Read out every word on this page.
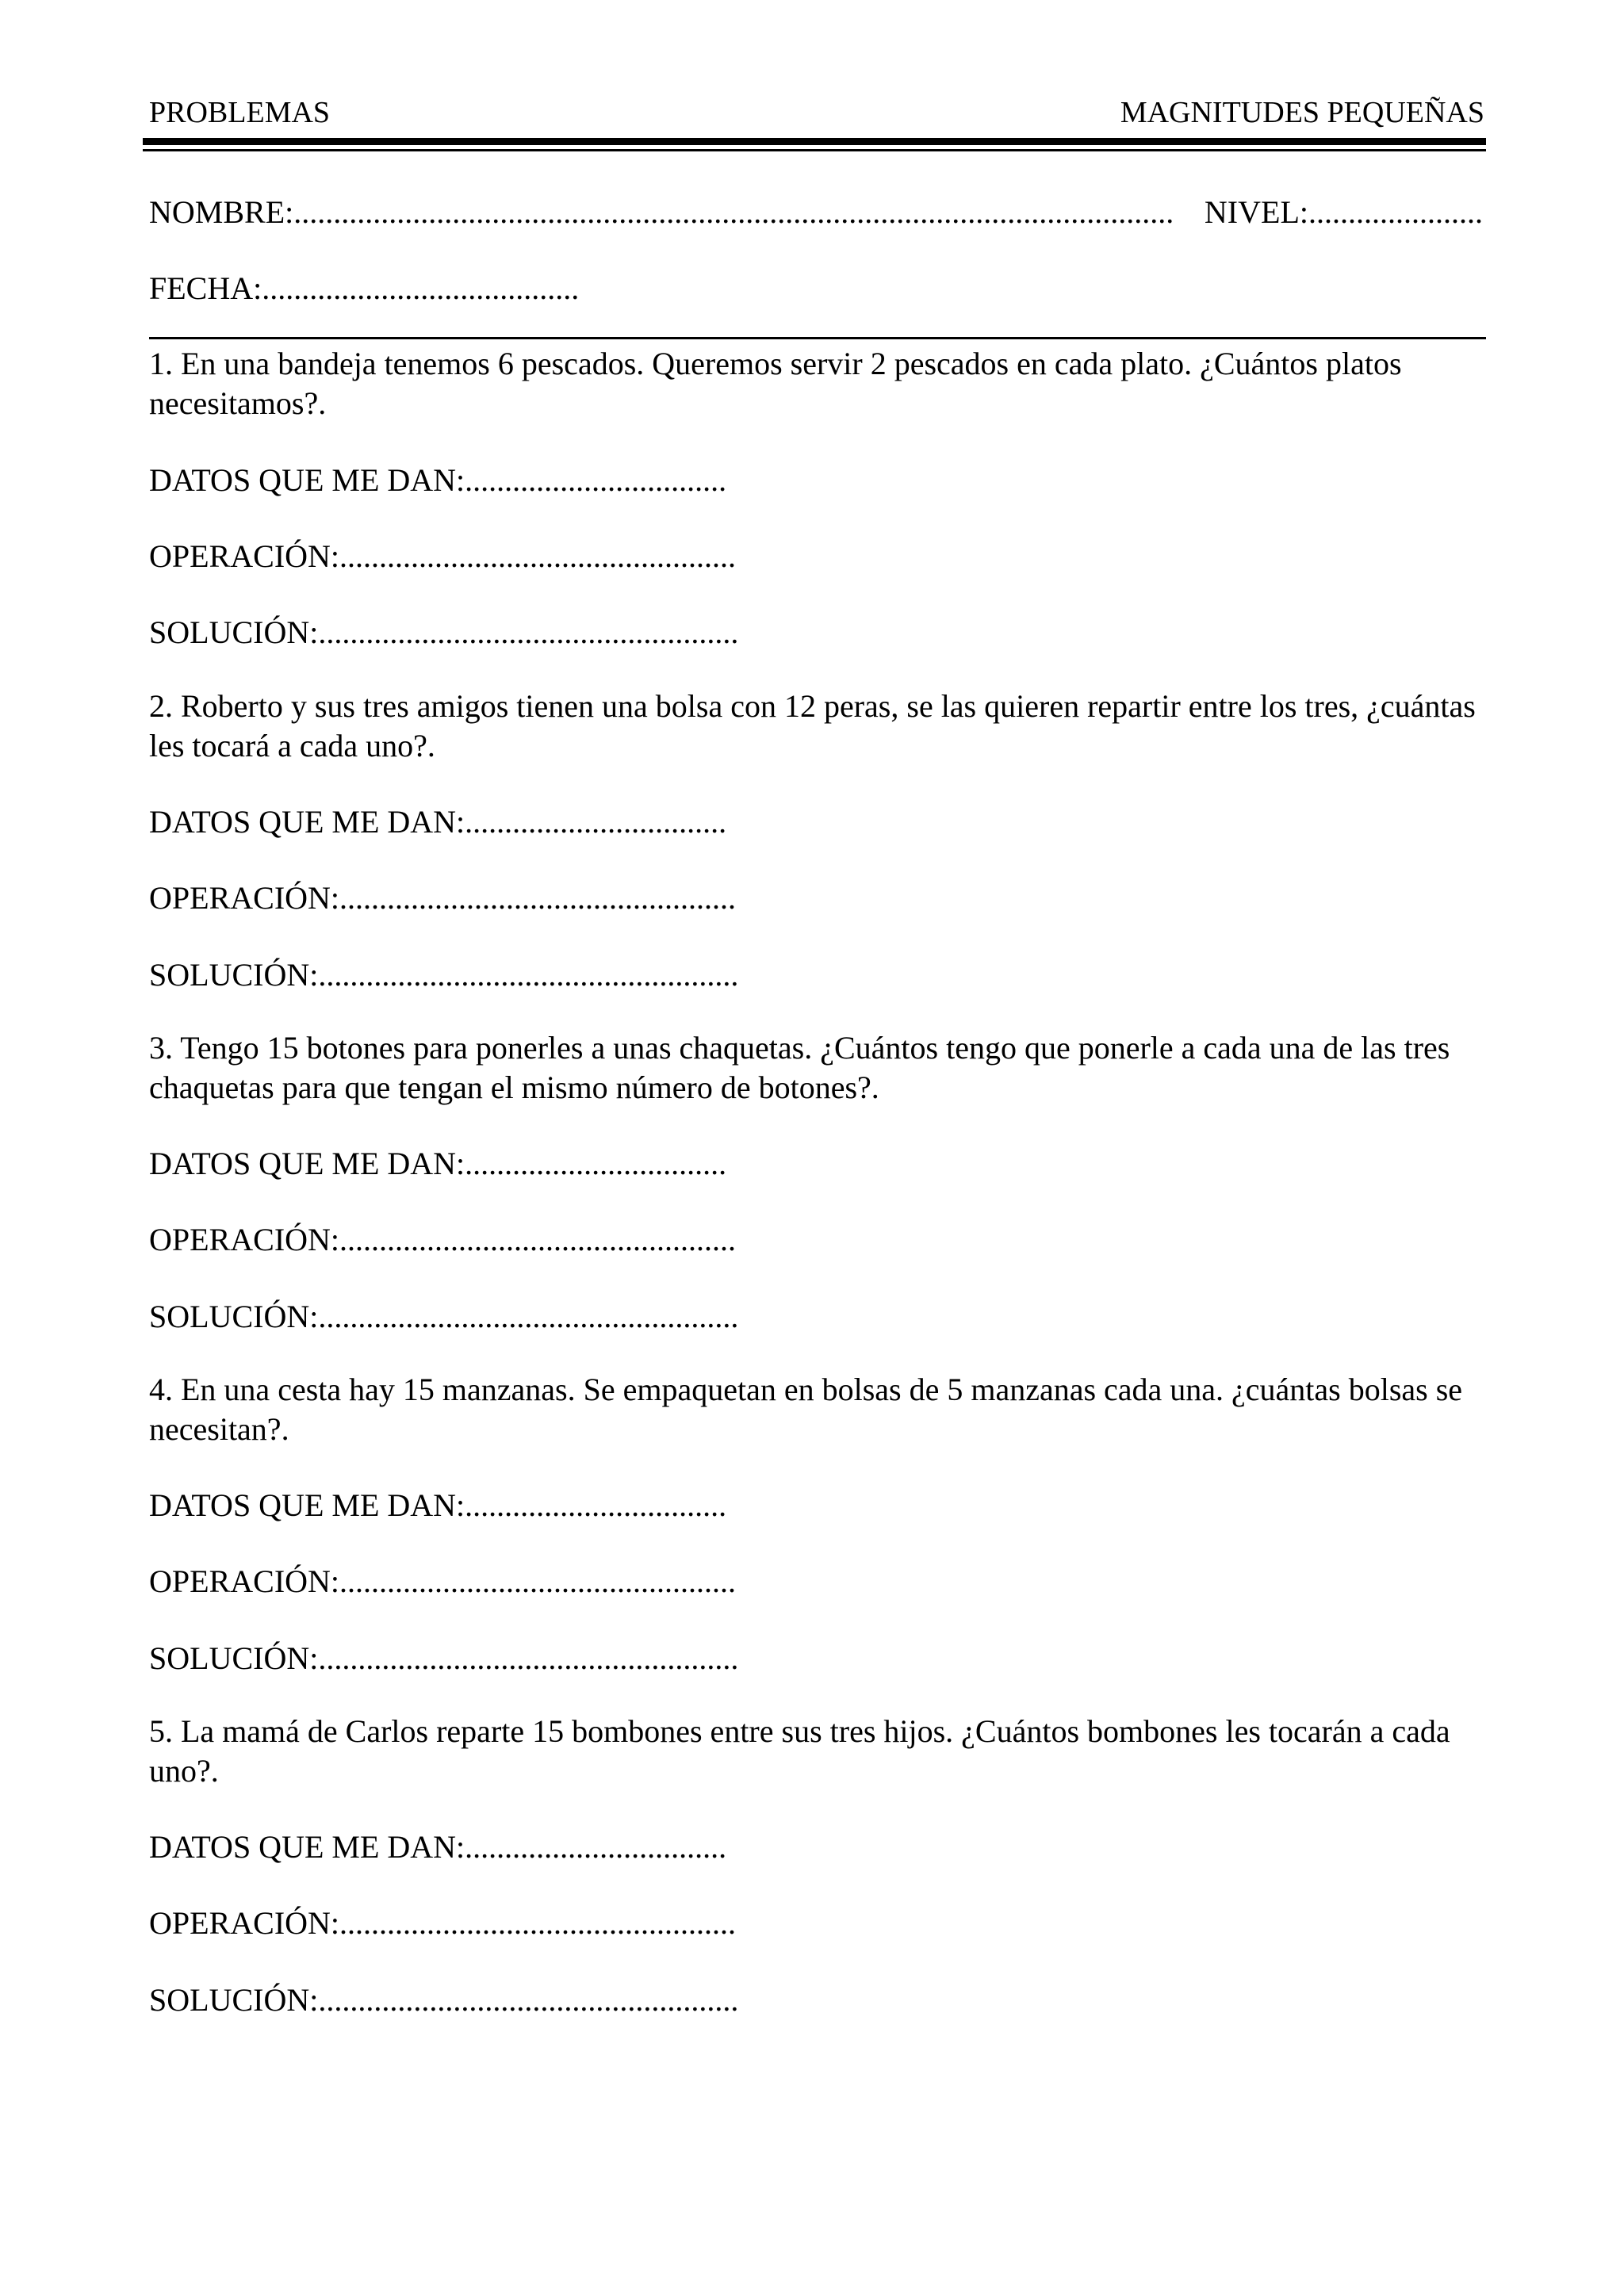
PROBLEMAS	MAGNITUDES PEQUEÑAS
NOMBRE:............................................................................................................... NIVEL:......................
FECHA:........................................
1. En una bandeja tenemos 6 pescados. Queremos servir 2 pescados en cada plato. ¿Cuántos platos necesitamos?.
DATOS QUE ME DAN:.................................
OPERACIÓN:..................................................
SOLUCIÓN:.....................................................
2. Roberto y sus tres amigos tienen una bolsa con 12 peras, se las quieren repartir entre los tres, ¿cuántas les tocará a cada uno?.
DATOS QUE ME DAN:.................................
OPERACIÓN:..................................................
SOLUCIÓN:.....................................................
3. Tengo 15 botones para ponerles a unas chaquetas. ¿Cuántos tengo que ponerle a cada una de las tres chaquetas para que tengan el mismo número de botones?.
DATOS QUE ME DAN:.................................
OPERACIÓN:..................................................
SOLUCIÓN:.....................................................
4. En una cesta hay 15 manzanas. Se empaquetan en bolsas de 5 manzanas cada una. ¿cuántas bolsas se necesitan?.
DATOS QUE ME DAN:.................................
OPERACIÓN:..................................................
SOLUCIÓN:.....................................................
5. La mamá de Carlos reparte 15 bombones entre sus tres hijos. ¿Cuántos bombones les tocarán a cada uno?.
DATOS QUE ME DAN:.................................
OPERACIÓN:..................................................
SOLUCIÓN:.....................................................
